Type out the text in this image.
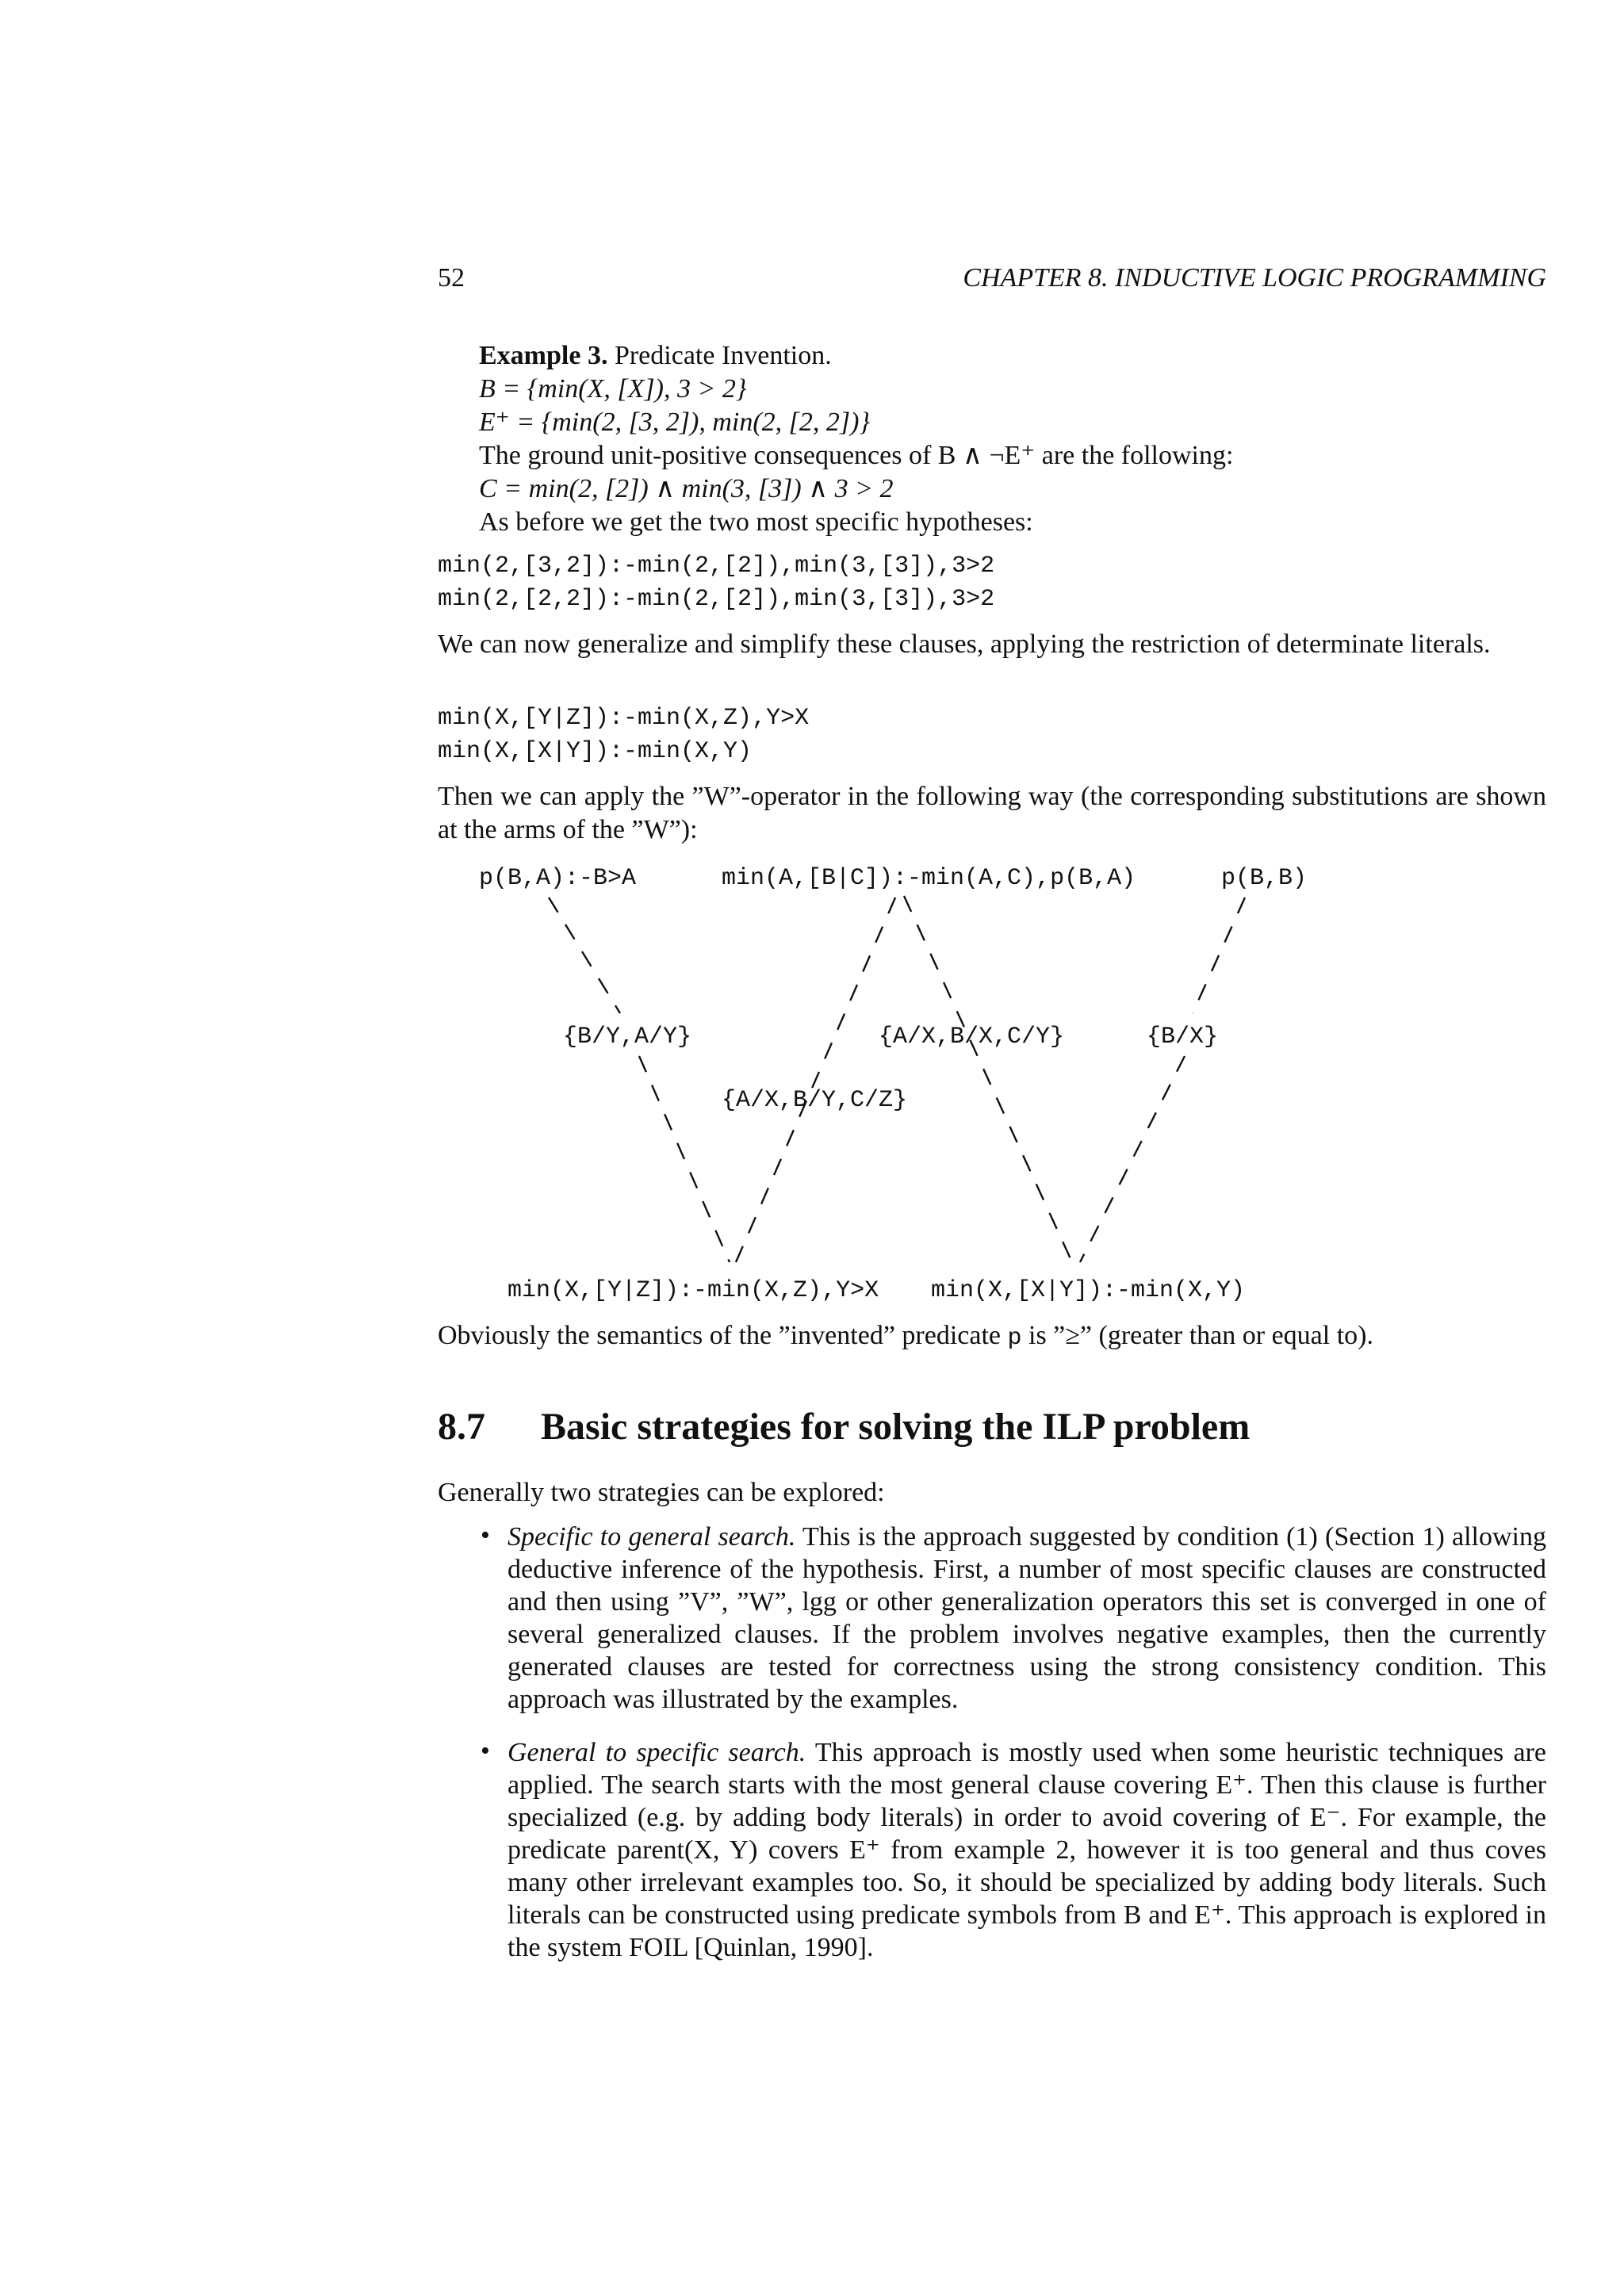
52	CHAPTER 8. INDUCTIVE LOGIC PROGRAMMING
Example 3. Predicate Invention.
B = {min(X, [X]), 3 > 2}
E⁺ = {min(2, [3, 2]), min(2, [2, 2])}
The ground unit-positive consequences of B ∧ ¬E⁺ are the following:
C = min(2, [2]) ∧ min(3, [3]) ∧ 3 > 2
As before we get the two most specific hypotheses:
min(2,[3,2]):-min(2,[2]),min(3,[3]),3>2
min(2,[2,2]):-min(2,[2]),min(3,[3]),3>2
We can now generalize and simplify these clauses, applying the restriction of determinate literals.
min(X,[Y|Z]):-min(X,Z),Y>X
min(X,[X|Y]):-min(X,Y)
Then we can apply the ”W”-operator in the following way (the corresponding substitutions are shown at the arms of the ”W”):
p(B,A):-B>A	min(A,[B|C]):-min(A,C),p(B,A)	p(B,B)
{B/Y,A/Y}	{A/X,B/X,C/Y}	{B/X}
{A/X,B/Y,C/Z}
min(X,[Y|Z]):-min(X,Z),Y>X min(X,[X|Y]):-min(X,Y)
Obviously the semantics of the ”invented” predicate p is ”≥” (greater than or equal to).
8.7 Basic strategies for solving the ILP problem
Generally two strategies can be explored:
• Specific to general search. This is the approach suggested by condition (1) (Section 1) allowing deductive inference of the hypothesis. First, a number of most specific clauses are constructed and then using ”V”, ”W”, lgg or other generalization operators this set is converged in one of several generalized clauses. If the problem involves negative examples, then the currently generated clauses are tested for correctness using the strong consistency condition. This approach was illustrated by the examples.
• General to specific search. This approach is mostly used when some heuristic techniques are applied. The search starts with the most general clause covering E⁺. Then this clause is further specialized (e.g. by adding body literals) in order to avoid covering of E⁻. For example, the predicate parent(X, Y) covers E⁺ from example 2, however it is too general and thus coves many other irrelevant examples too. So, it should be specialized by adding body literals. Such literals can be constructed using predicate symbols from B and E⁺. This approach is explored in the system FOIL [Quinlan, 1990].
